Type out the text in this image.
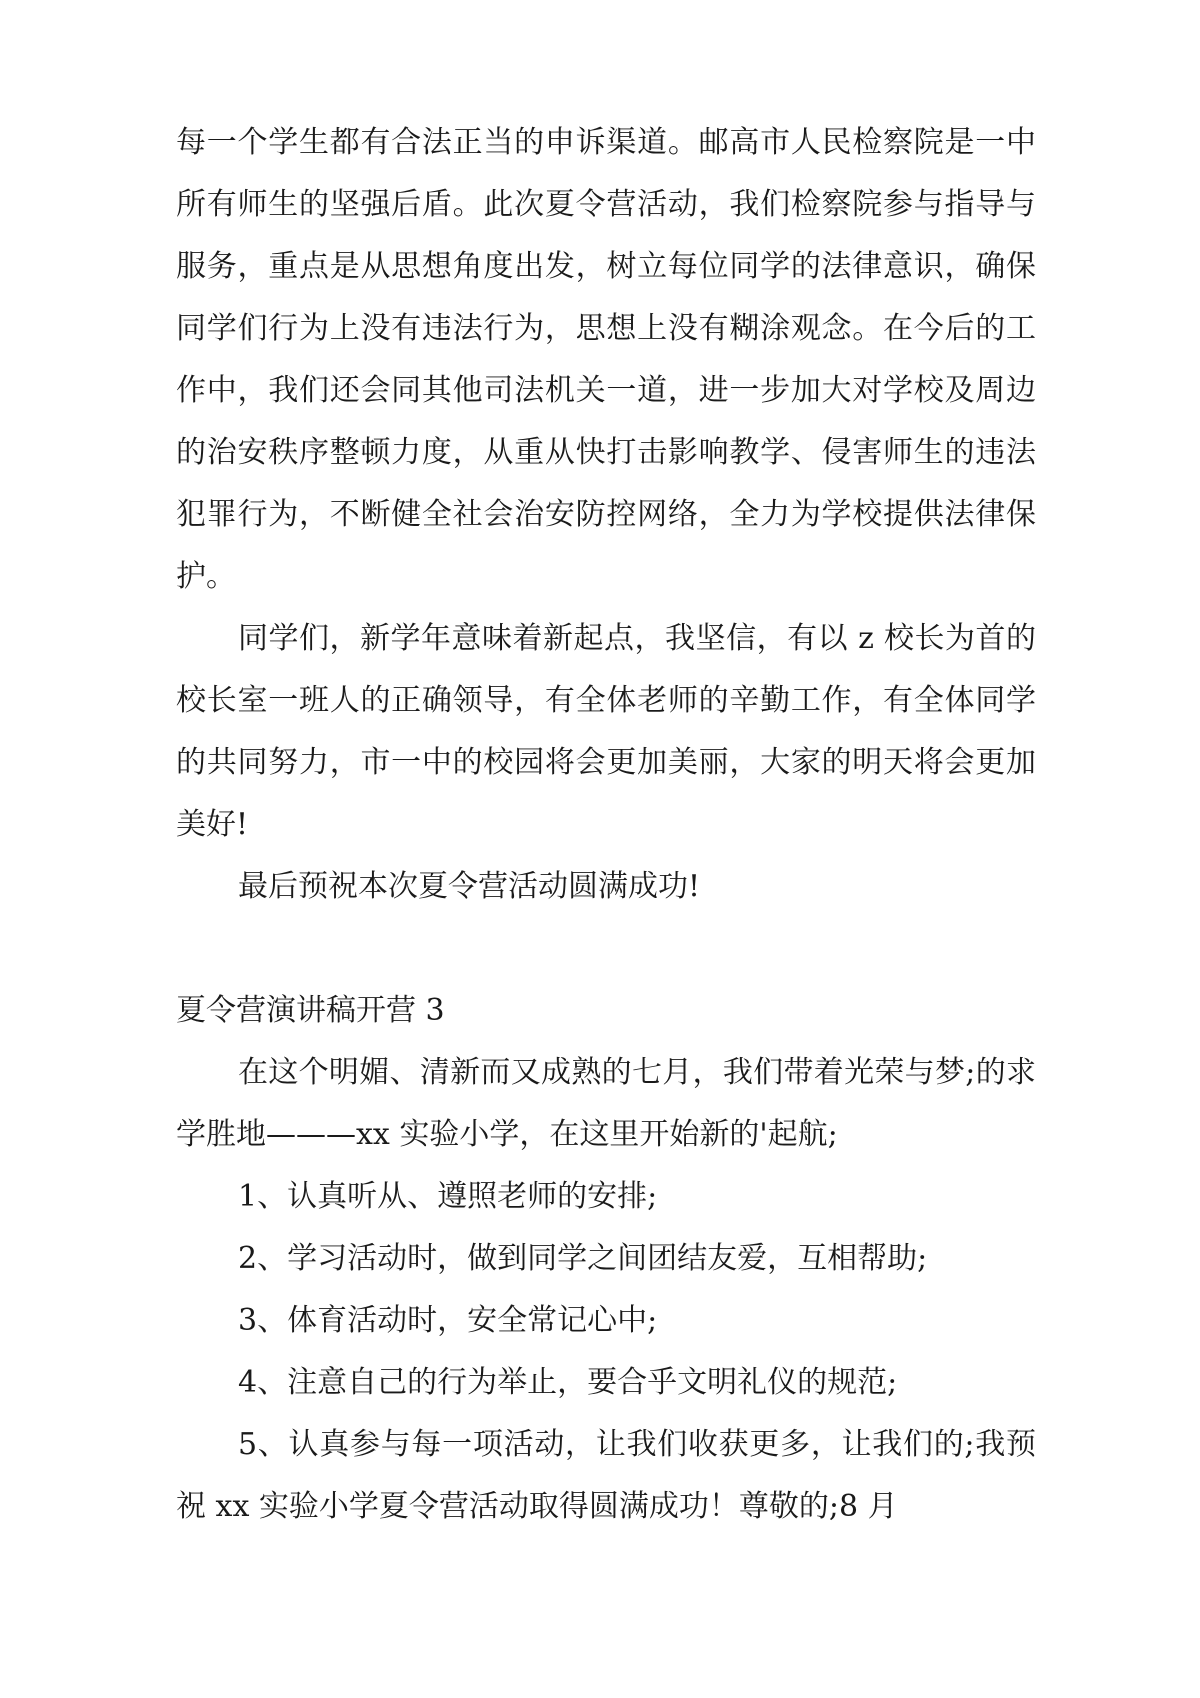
每一个学生都有合法正当的申诉渠道。邮高市人民检察院是一中所有师生的坚强后盾。此次夏令营活动，我们检察院参与指导与服务，重点是从思想角度出发，树立每位同学的法律意识，确保同学们行为上没有违法行为，思想上没有糊涂观念。在今后的工作中，我们还会同其他司法机关一道，进一步加大对学校及周边的治安秩序整顿力度，从重从快打击影响教学、侵害师生的违法犯罪行为，不断健全社会治安防控网络，全力为学校提供法律保护。

同学们，新学年意味着新起点，我坚信，有以 z 校长为首的校长室一班人的正确领导，有全体老师的辛勤工作，有全体同学的共同努力，市一中的校园将会更加美丽，大家的明天将会更加美好!

最后预祝本次夏令营活动圆满成功!

夏令营演讲稿开营 3

在这个明媚、清新而又成熟的七月，我们带着光荣与梦;的求学胜地———xx 实验小学，在这里开始新的'起航;

1、认真听从、遵照老师的安排;

2、学习活动时，做到同学之间团结友爱，互相帮助;

3、体育活动时，安全常记心中;

4、注意自己的行为举止，要合乎文明礼仪的规范;

5、认真参与每一项活动，让我们收获更多，让我们的;我预祝 xx 实验小学夏令营活动取得圆满成功！尊敬的;8 月
